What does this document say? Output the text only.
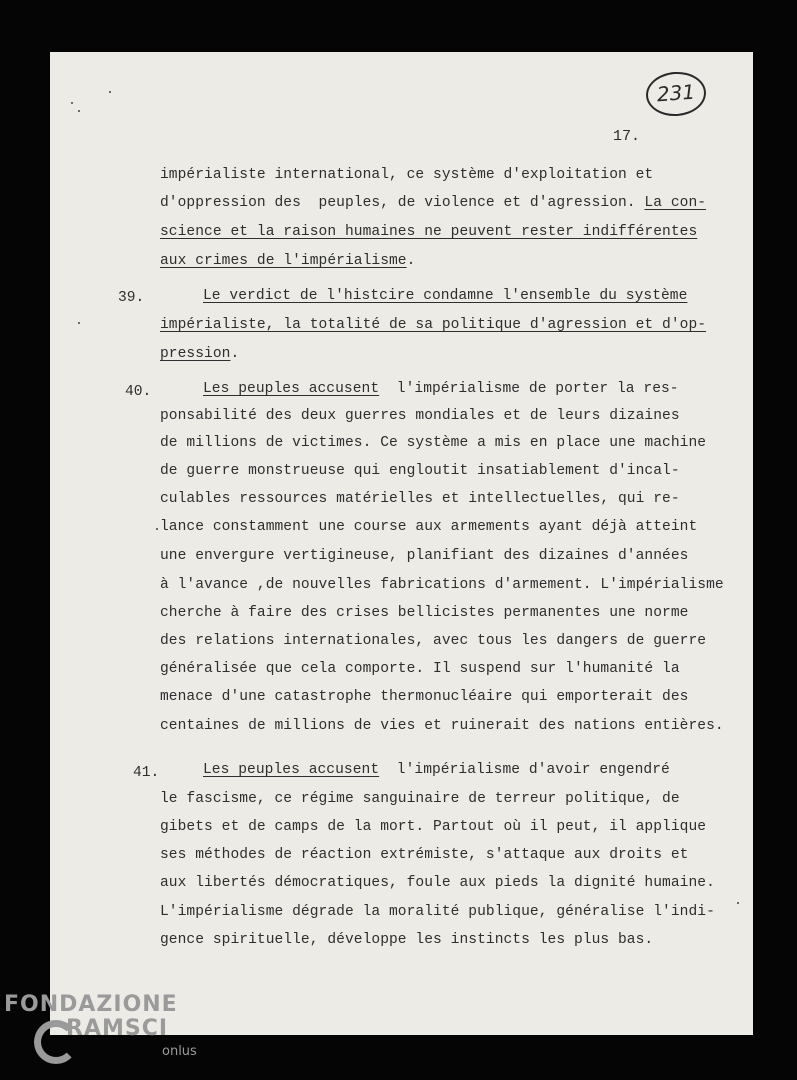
231
17.
impérialiste international, ce système d'exploitation et
d'oppression des  peuples, de violence et d'agression. La con-
science et la raison humaines ne peuvent rester indifférentes
aux crimes de l'impérialisme.
39.	Le verdict de l'histcire condamne l'ensemble du système
impérialiste, la totalité de sa politique d'agression et d'op-
pression.
40.	Les peuples accusent  l'impérialisme de porter la res-
ponsabilité des deux guerres mondiales et de leurs dizaines
de millions de victimes. Ce système a mis en place une machine
de guerre monstrueuse qui engloutit insatiablement d'incal-
culables ressources matérielles et intellectuelles, qui re-
lance constamment une course aux armements ayant déjà atteint
une envergure vertigineuse, planifiant des dizaines d'années
à l'avance ,de nouvelles fabrications d'armement. L'impérialisme
cherche à faire des crises bellicistes permanentes une norme
des relations internationales, avec tous les dangers de guerre
généralisée que cela comporte. Il suspend sur l'humanité la
menace d'une catastrophe thermonucléaire qui emporterait des
centaines de millions de vies et ruinerait des nations entières.
41.	Les peuples accusent  l'impérialisme d'avoir engendré
le fascisme, ce régime sanguinaire de terreur politique, de
gibets et de camps de la mort. Partout où il peut, il applique
ses méthodes de réaction extrémiste, s'attaque aux droits et
aux libertés démocratiques, foule aux pieds la dignité humaine.
L'impérialisme dégrade la moralité publique, généralise l'indi-
gence spirituelle, développe les instincts les plus bas.
FONDAZIONE
RAMSCI
onlus
